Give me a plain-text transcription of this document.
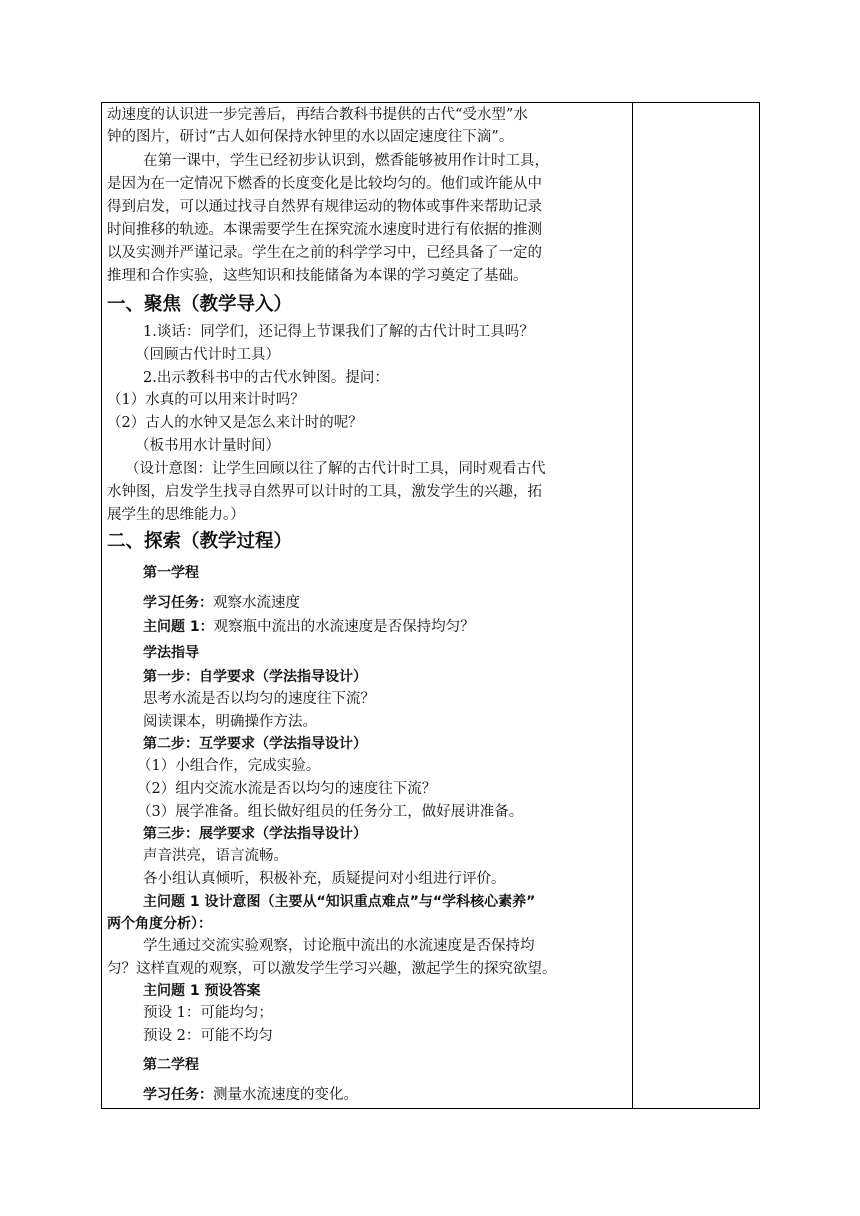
动速度的认识进一步完善后，再结合教科书提供的古代“受水型”水
钟的图片，研讨“古人如何保持水钟里的水以固定速度往下滴”。
在第一课中，学生已经初步认识到，燃香能够被用作计时工具，
是因为在一定情况下燃香的长度变化是比较均匀的。他们或许能从中
得到启发，可以通过找寻自然界有规律运动的物体或事件来帮助记录
时间推移的轨迹。本课需要学生在探究流水速度时进行有依据的推测
以及实测并严谨记录。学生在之前的科学学习中，已经具备了一定的
推理和合作实验，这些知识和技能储备为本课的学习奠定了基础。
一、聚焦（教学导入）
1.谈话：同学们，还记得上节课我们了解的古代计时工具吗？
（回顾古代计时工具）
2.出示教科书中的古代水钟图。提问：
（1）水真的可以用来计时吗？
（2）古人的水钟又是怎么来计时的呢？
（板书用水计量时间）
（设计意图：让学生回顾以往了解的古代计时工具，同时观看古代
水钟图，启发学生找寻自然界可以计时的工具，激发学生的兴趣，拓
展学生的思维能力。）
二、探索（教学过程）
第一学程
学习任务：观察水流速度
主问题 1：观察瓶中流出的水流速度是否保持均匀？
学法指导
第一步：自学要求（学法指导设计）
思考水流是否以均匀的速度往下流？
阅读课本，明确操作方法。
第二步：互学要求（学法指导设计）
（1）小组合作，完成实验。
（2）组内交流水流是否以均匀的速度往下流？
（3）展学准备。组长做好组员的任务分工，做好展讲准备。
第三步：展学要求（学法指导设计）
声音洪亮，语言流畅。
各小组认真倾听，积极补充，质疑提问对小组进行评价。
主问题 1 设计意图（主要从“知识重点难点”与“学科核心素养”
两个角度分析）：
学生通过交流实验观察，讨论瓶中流出的水流速度是否保持均
匀？这样直观的观察，可以激发学生学习兴趣，激起学生的探究欲望。
主问题 1 预设答案
预设 1：可能均匀；
预设 2：可能不均匀
第二学程
学习任务：测量水流速度的变化。
